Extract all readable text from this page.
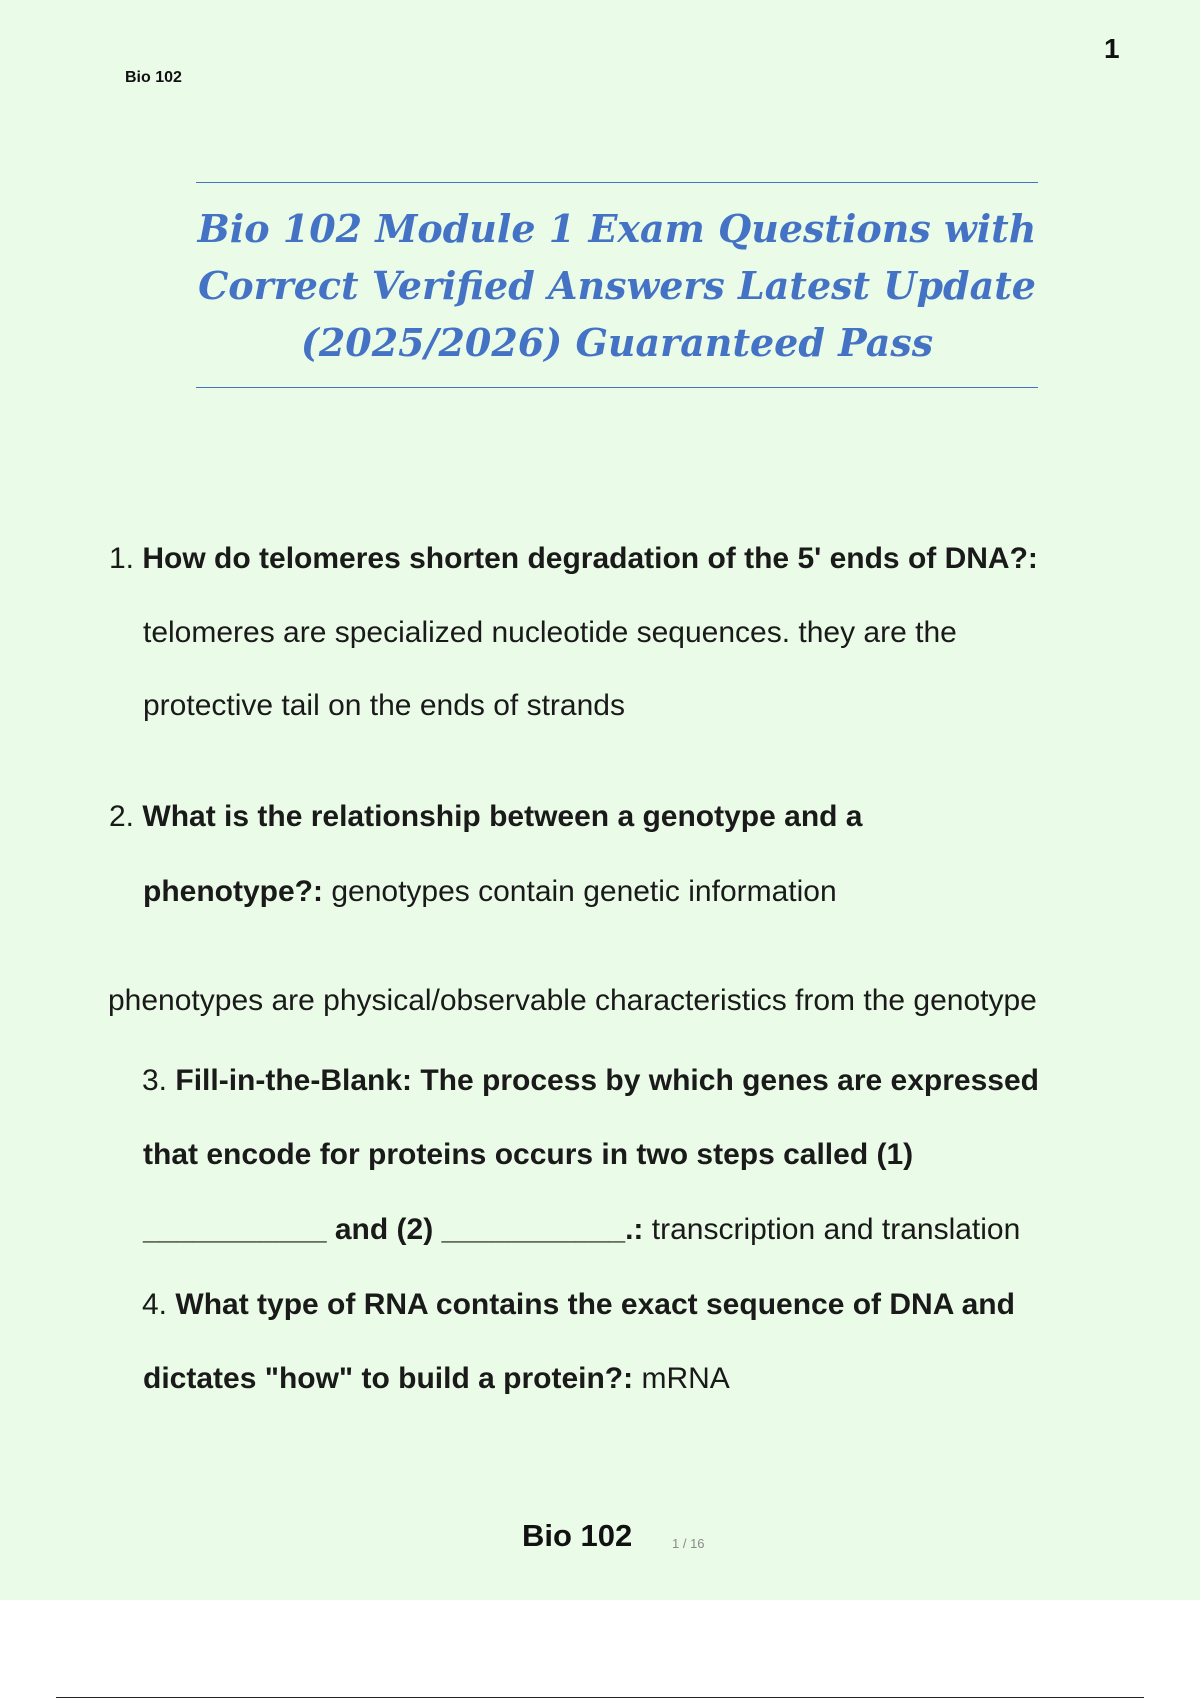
Bio 102
1
Bio 102 Module 1 Exam Questions with
Correct Verified Answers Latest Update
(2025/2026) Guaranteed Pass
1. How do telomeres shorten degradation of the 5' ends of DNA?:
telomeres are specialized nucleotide sequences. they are the
protective tail on the ends of strands
2. What is the relationship between a genotype and a
phenotype?: genotypes contain genetic information
phenotypes are physical/observable characteristics from the genotype
3. Fill-in-the-Blank: The process by which genes are expressed
that encode for proteins occurs in two steps called (1)
___________ and (2) ___________.: transcription and translation
4. What type of RNA contains the exact sequence of DNA and
dictates "how" to build a protein?: mRNA
Bio 102	1 / 16
